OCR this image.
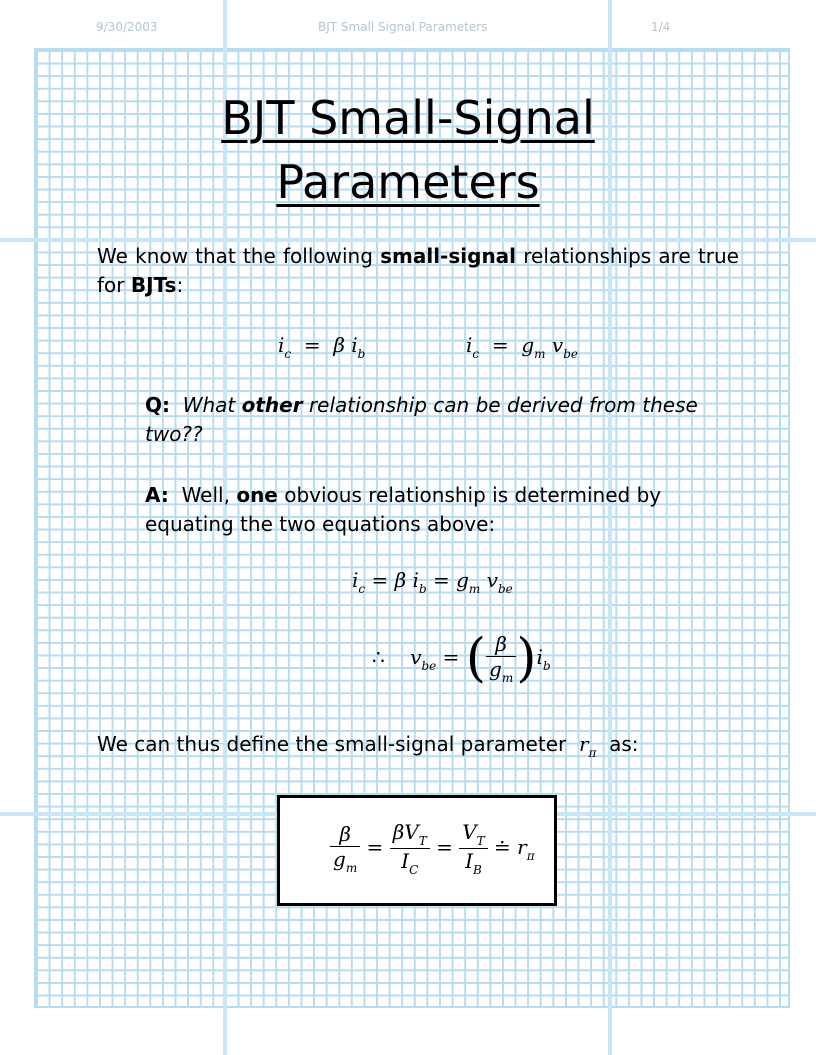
9/30/2003	BJT Small Signal Parameters	1/4
BJT Small-Signal
Parameters
We know that the following small-signal relationships are true
for BJTs:
$i_c = \beta$ $i_b$	$i_c = g_m$ $v_{be}$
Q: What other relationship can be derived from these
two??
A: Well, one obvious relationship is determined by
equating the two equations above:
$i_c = \beta$ $i_b = g_m$ $v_{be}$
∴    $v_{be}$ = ( $\frac{\beta}{g_m} )i_b$
We can thus define the small-signal parameter  $r_\pi$ as:
$\frac{\beta}{g_m} = \frac{\beta V_T}{I_C} = \frac{V_T}{I_B}$ ≐ $r_\pi$
